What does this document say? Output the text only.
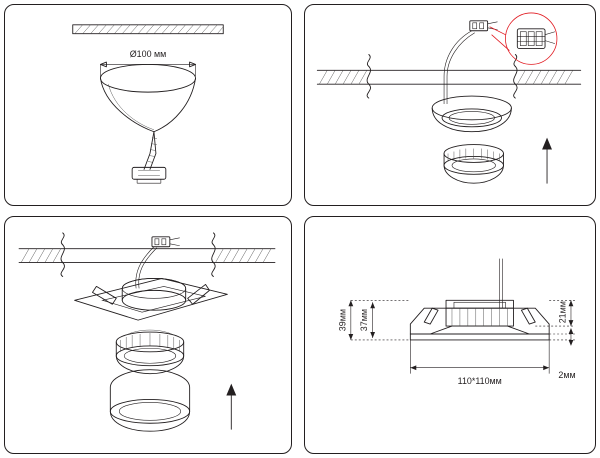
Ø100 мм
39мм 37мм	21мм
2мм
110*110мм
